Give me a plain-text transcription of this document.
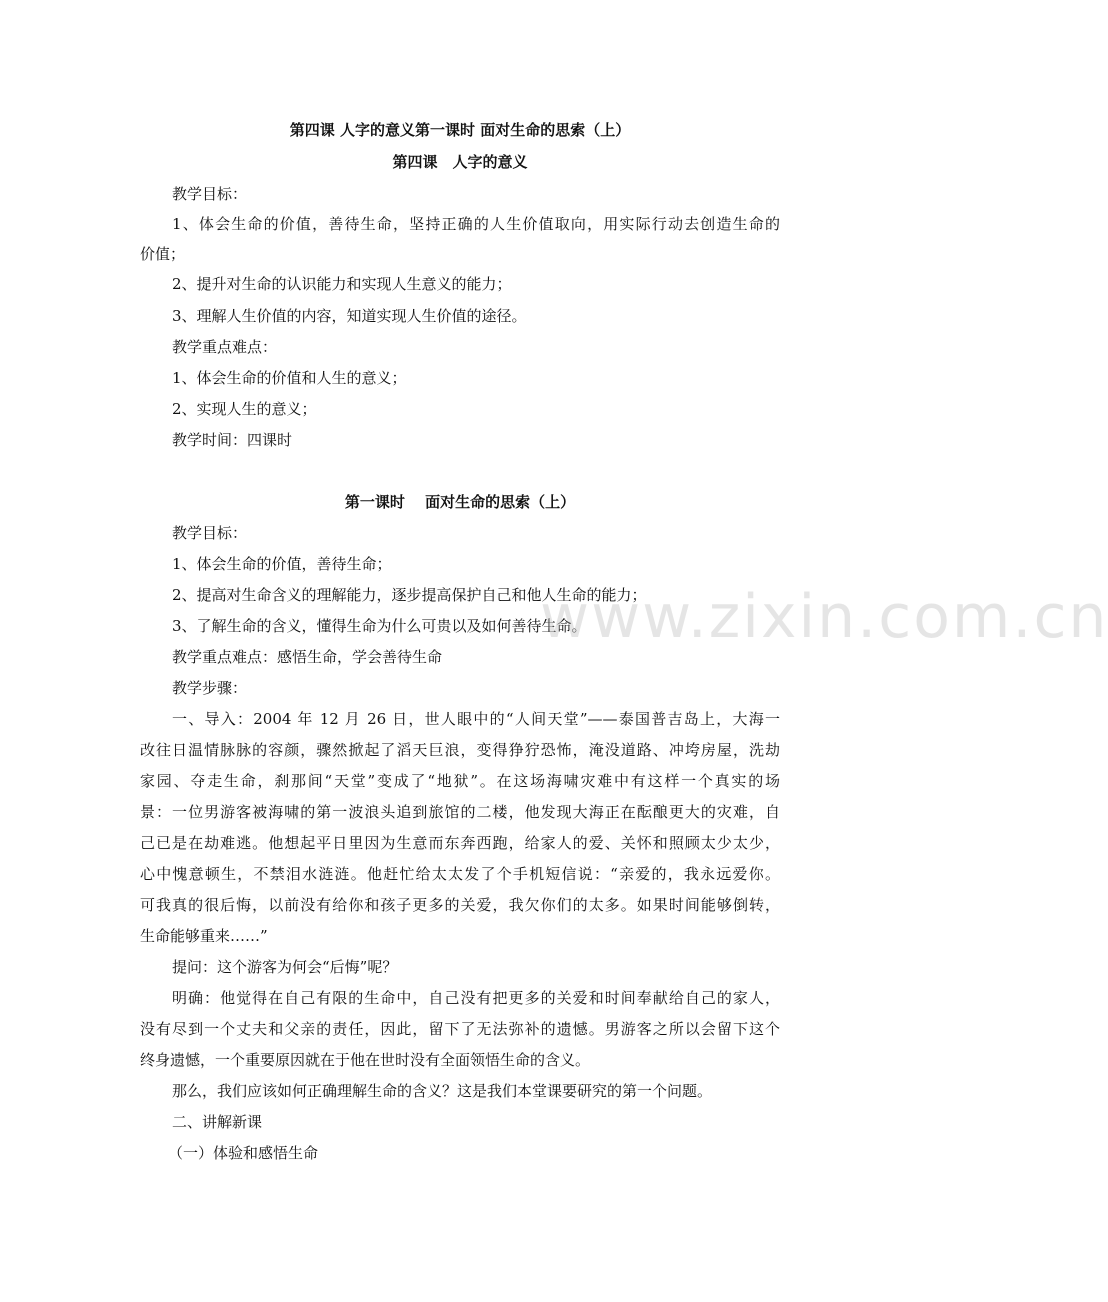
第四课 人字的意义第一课时 面对生命的思索（上）
第四课　人字的意义
教学目标：
1、体会生命的价值，善待生命，坚持正确的人生价值取向，用实际行动去创造生命的
价值；
2、提升对生命的认识能力和实现人生意义的能力；
3、理解人生价值的内容，知道实现人生价值的途径。
教学重点难点：
1、体会生命的价值和人生的意义；
2、实现人生的意义；
教学时间：四课时
第一课时　 面对生命的思索（上）
教学目标：
1、体会生命的价值，善待生命；
2、提高对生命含义的理解能力，逐步提高保护自己和他人生命的能力；
3、了解生命的含义，懂得生命为什么可贵以及如何善待生命。
教学重点难点：感悟生命，学会善待生命
教学步骤：
一、导入：2004 年 12 月 26 日，世人眼中的“人间天堂”——泰国普吉岛上，大海一
改往日温情脉脉的容颜，骤然掀起了滔天巨浪，变得狰狞恐怖，淹没道路、冲垮房屋，洗劫
家园、夺走生命，刹那间“天堂”变成了“地狱”。在这场海啸灾难中有这样一个真实的场
景：一位男游客被海啸的第一波浪头追到旅馆的二楼，他发现大海正在酝酿更大的灾难，自
己已是在劫难逃。他想起平日里因为生意而东奔西跑，给家人的爱、关怀和照顾太少太少，
心中愧意顿生，不禁泪水涟涟。他赶忙给太太发了个手机短信说：“亲爱的，我永远爱你。
可我真的很后悔，以前没有给你和孩子更多的关爱，我欠你们的太多。如果时间能够倒转，
生命能够重来……”
提问：这个游客为何会“后悔”呢？
明确：他觉得在自己有限的生命中，自己没有把更多的关爱和时间奉献给自己的家人，
没有尽到一个丈夫和父亲的责任，因此，留下了无法弥补的遗憾。男游客之所以会留下这个
终身遗憾，一个重要原因就在于他在世时没有全面领悟生命的含义。
那么，我们应该如何正确理解生命的含义？这是我们本堂课要研究的第一个问题。
二、讲解新课
（一）体验和感悟生命
www.zixin.com.cn
